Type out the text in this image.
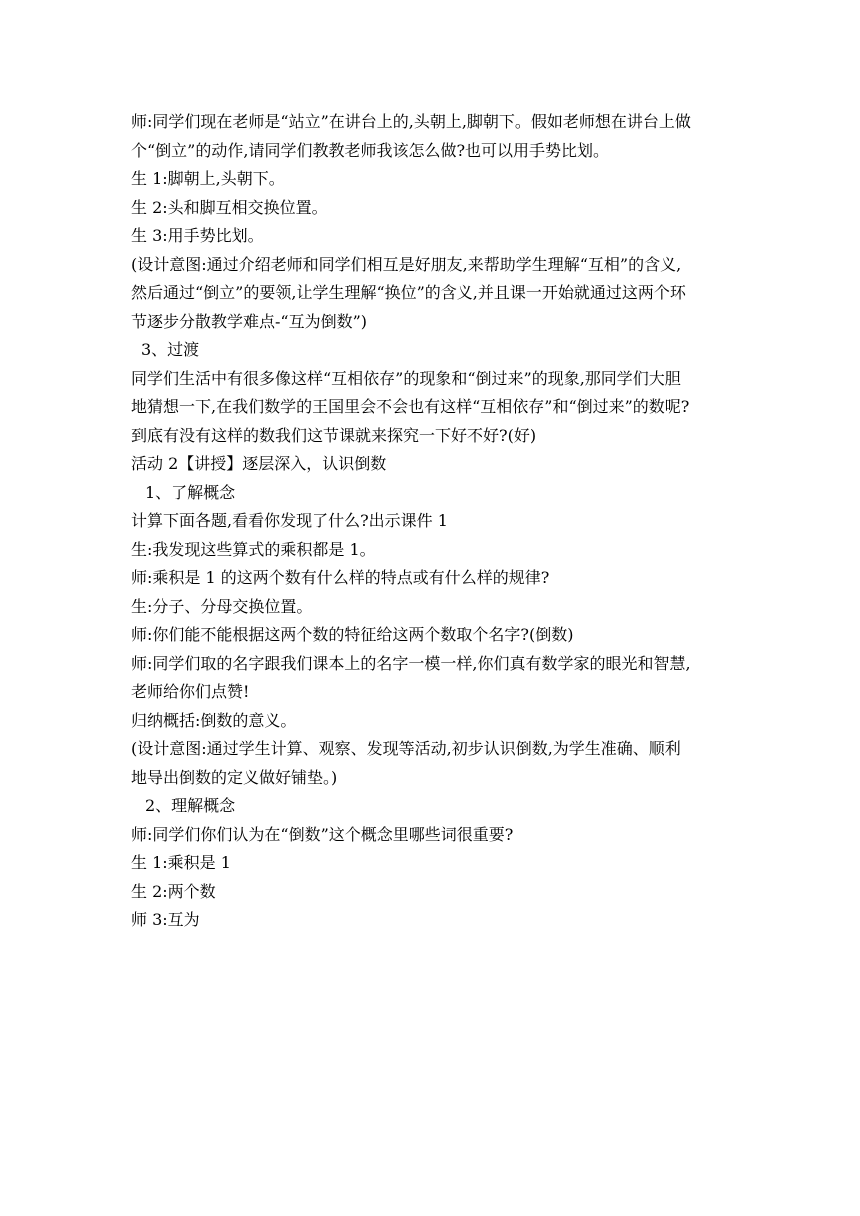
师:同学们现在老师是“站立”在讲台上的,头朝上,脚朝下。假如老师想在讲台上做
个“倒立”的动作,请同学们教教老师我该怎么做?也可以用手势比划。
生 1:脚朝上,头朝下。
生 2:头和脚互相交换位置。
生 3:用手势比划。
(设计意图:通过介绍老师和同学们相互是好朋友,来帮助学生理解“互相”的含义,
然后通过“倒立”的要领,让学生理解“换位”的含义,并且课一开始就通过这两个环
节逐步分散教学难点-“互为倒数”)
3、过渡
同学们生活中有很多像这样“互相依存”的现象和“倒过来”的现象,那同学们大胆
地猜想一下,在我们数学的王国里会不会也有这样“互相依存”和“倒过来”的数呢?
到底有没有这样的数我们这节课就来探究一下好不好?(好)
活动 2【讲授】逐层深入，认识倒数
1、了解概念
计算下面各题,看看你发现了什么?出示课件 1
生:我发现这些算式的乘积都是 1。
师:乘积是 1 的这两个数有什么样的特点或有什么样的规律?
生:分子、分母交换位置。
师:你们能不能根据这两个数的特征给这两个数取个名字?(倒数)
师:同学们取的名字跟我们课本上的名字一模一样,你们真有数学家的眼光和智慧,
老师给你们点赞!
归纳概括:倒数的意义。
(设计意图:通过学生计算、观察、发现等活动,初步认识倒数,为学生准确、顺利
地导出倒数的定义做好铺垫。)
2、理解概念
师:同学们你们认为在“倒数”这个概念里哪些词很重要?
生 1:乘积是 1
生 2:两个数
师 3:互为
